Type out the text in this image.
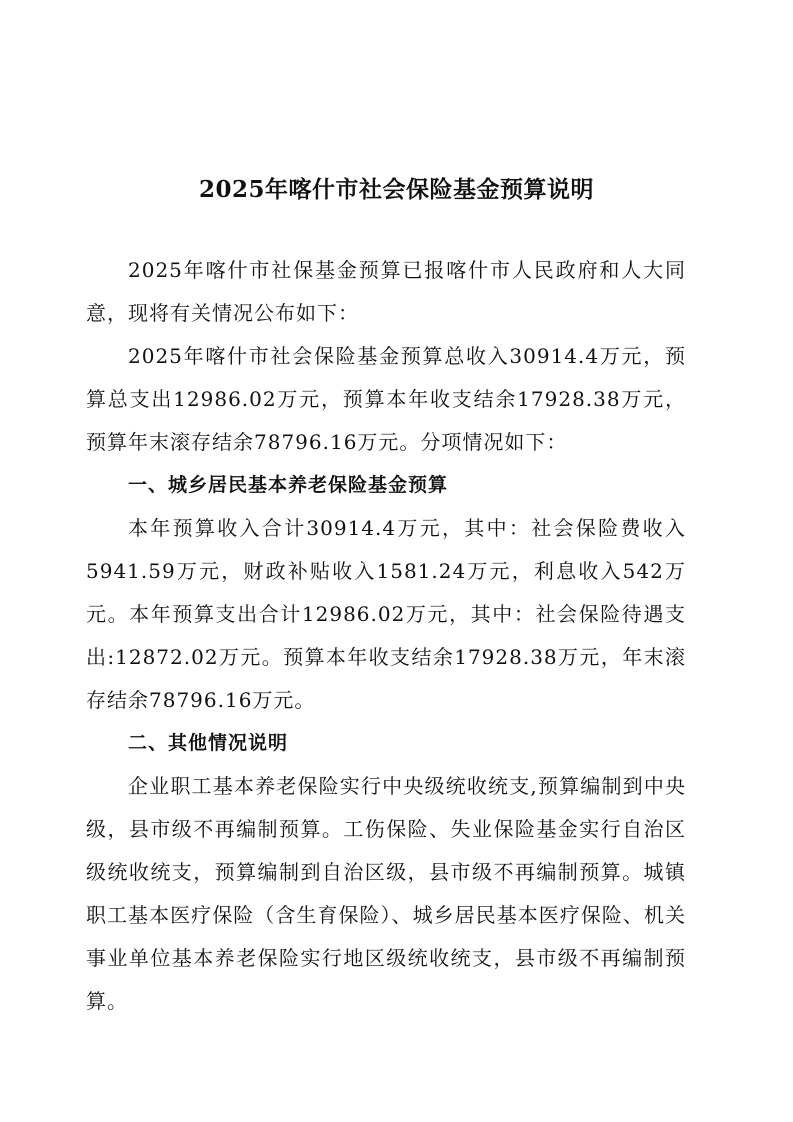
2025年喀什市社会保险基金预算说明

2025年喀什市社保基金预算已报喀什市人民政府和人大同意，现将有关情况公布如下：

2025年喀什市社会保险基金预算总收入30914.4万元，预算总支出12986.02万元，预算本年收支结余17928.38万元，预算年末滚存结余78796.16万元。分项情况如下：

一、城乡居民基本养老保险基金预算

本年预算收入合计30914.4万元，其中：社会保险费收入5941.59万元，财政补贴收入1581.24万元，利息收入542万元。本年预算支出合计12986.02万元，其中：社会保险待遇支出:12872.02万元。预算本年收支结余17928.38万元，年末滚存结余78796.16万元。

二、其他情况说明

企业职工基本养老保险实行中央级统收统支,预算编制到中央级，县市级不再编制预算。工伤保险、失业保险基金实行自治区级统收统支，预算编制到自治区级，县市级不再编制预算。城镇职工基本医疗保险（含生育保险）、城乡居民基本医疗保险、机关事业单位基本养老保险实行地区级统收统支，县市级不再编制预算。
